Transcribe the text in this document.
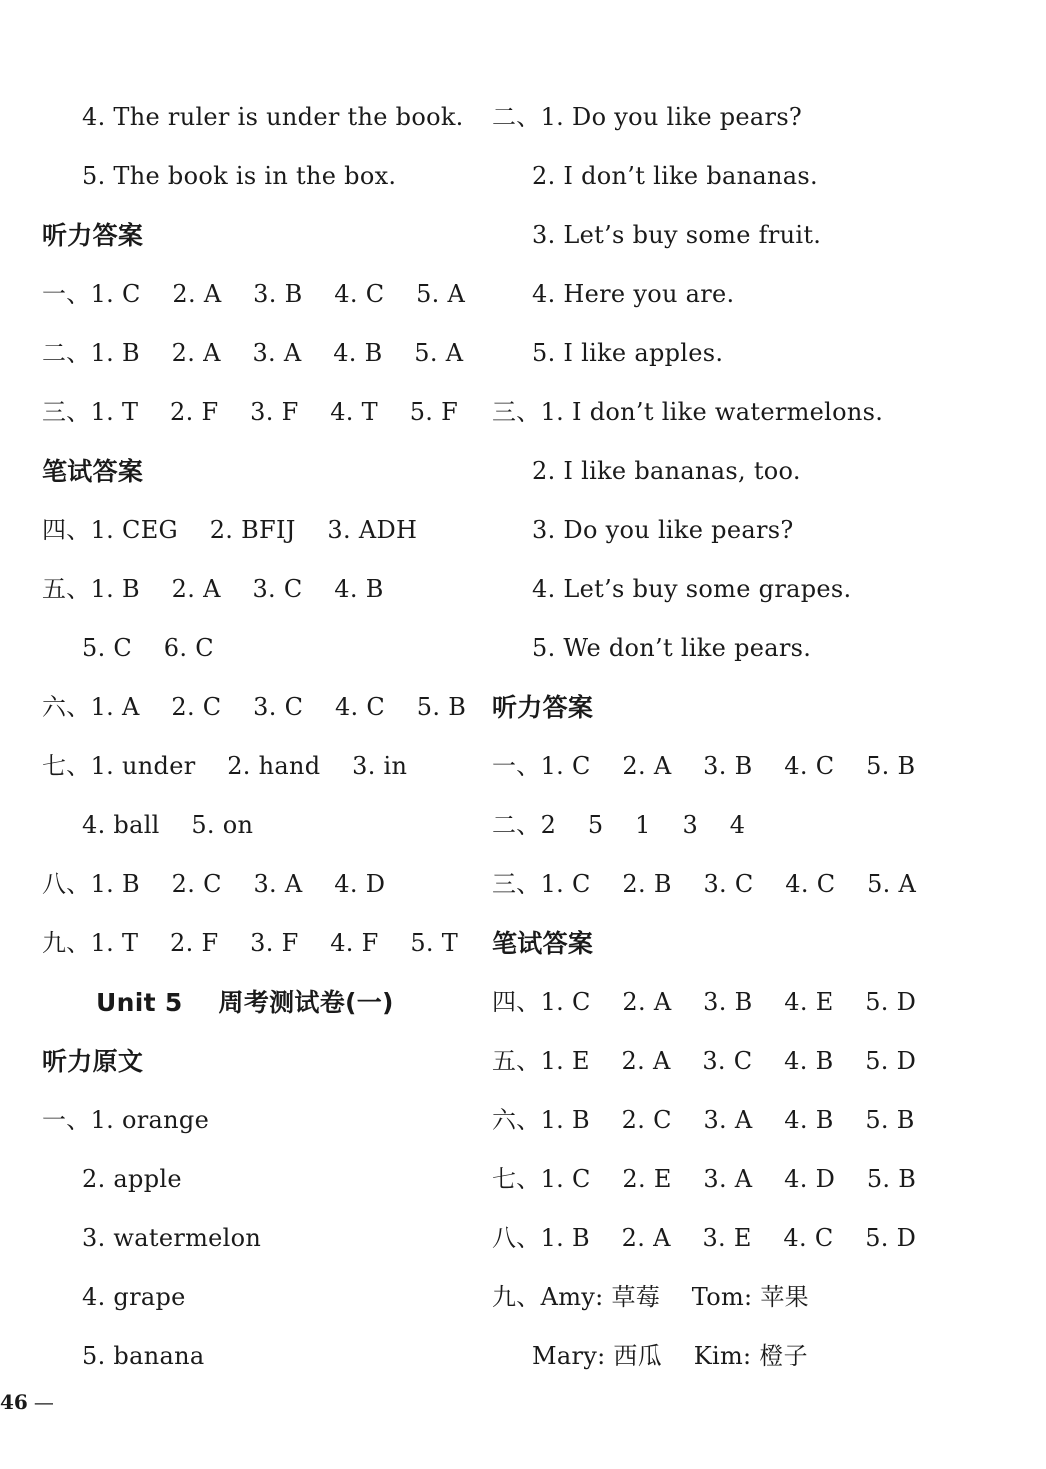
4. The ruler is under the book.
5. The book is in the box.
听力答案
一、1. C    2. A    3. B    4. C    5. A
二、1. B    2. A    3. A    4. B    5. A
三、1. T    2. F    3. F    4. T    5. F
笔试答案
四、1. CEG    2. BFIJ    3. ADH
五、1. B    2. A    3. C    4. B
5. C    6. C
六、1. A    2. C    3. C    4. C    5. B
七、1. under    2. hand    3. in
4. ball    5. on
八、1. B    2. C    3. A    4. D
九、1. T    2. F    3. F    4. F    5. T
Unit 5    周考测试卷(一)
听力原文
一、1. orange
2. apple
3. watermelon
4. grape
5. banana
二、1. Do you like pears?
2. I don’t like bananas.
3. Let’s buy some fruit.
4. Here you are.
5. I like apples.
三、1. I don’t like watermelons.
2. I like bananas, too.
3. Do you like pears?
4. Let’s buy some grapes.
5. We don’t like pears.
听力答案
一、1. C    2. A    3. B    4. C    5. B
二、2    5    1    3    4
三、1. C    2. B    3. C    4. C    5. A
笔试答案
四、1. C    2. A    3. B    4. E    5. D
五、1. E    2. A    3. C    4. B    5. D
六、1. B    2. C    3. A    4. B    5. B
七、1. C    2. E    3. A    4. D    5. B
八、1. B    2. A    3. E    4. C    5. D
九、Amy: 草莓    Tom: 苹果
Mary: 西瓜    Kim: 橙子
46 —
